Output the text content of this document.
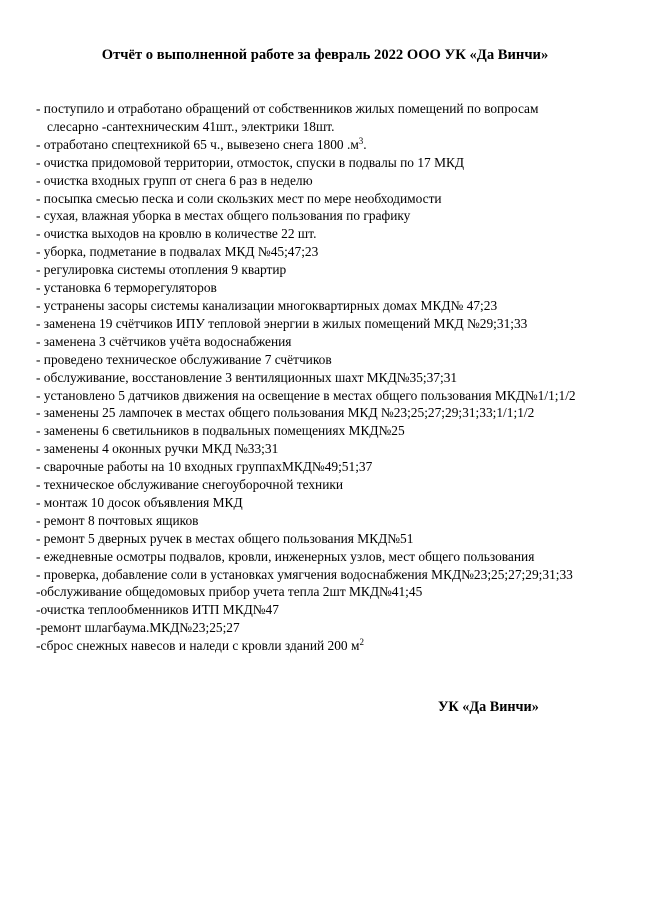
Отчёт о выполненной работе за февраль 2022 ООО УК «Да Винчи»
- поступило и отработано обращений от собственников жилых помещений по вопросам
слесарно -сантехническим 41шт., электрики 18шт.
- отработано спецтехникой 65 ч., вывезено снега 1800 $.м^3$.
- очистка придомовой территории, отмосток, спуски в подвалы по 17 МКД
- очистка входных групп от снега 6 раз в неделю
- посыпка смесью песка и соли скользких мест по мере необходимости
- сухая, влажная уборка в местах общего пользования по графику
- очистка выходов на кровлю в количестве 22 шт.
- уборка, подметание в подвалах МКД №45;47;23
- регулировка системы отопления 9 квартир
- установка 6 терморегуляторов
- устранены засоры системы канализации многоквартирных домах МКД№ 47;23
- заменена 19 счётчиков ИПУ тепловой энергии в жилых помещений МКД №29;31;33
- заменена 3 счётчиков учёта водоснабжения
- проведено техническое обслуживание 7 счётчиков
- обслуживание, восстановление 3 вентиляционных шахт МКД№35;37;31
- установлено 5 датчиков движения на освещение в местах общего пользования МКД№1/1;1/2
- заменены 25 лампочек в местах общего пользования МКД №23;25;27;29;31;33;1/1;1/2
- заменены 6 светильников в подвальных помещениях МКД№25
- заменены 4 оконных ручки МКД №33;31
- сварочные работы на 10 входных группахМКД№49;51;37
- техническое обслуживание снегоуборочной техники
- монтаж 10 досок объявления МКД
- ремонт 8 почтовых ящиков
- ремонт 5 дверных ручек в местах общего пользования МКД№51
- ежедневные осмотры подвалов, кровли, инженерных узлов, мест общего пользования
- проверка, добавление соли в установках умягчения водоснабжения МКД№23;25;27;29;31;33
-обслуживание общедомовых прибор учета тепла 2шт МКД№41;45
-очистка теплообменников ИТП МКД№47
-ремонт шлагбаума.МКД№23;25;27
-сброс снежных навесов и наледи с кровли зданий 200 $м^2$

УК «Да Винчи»
